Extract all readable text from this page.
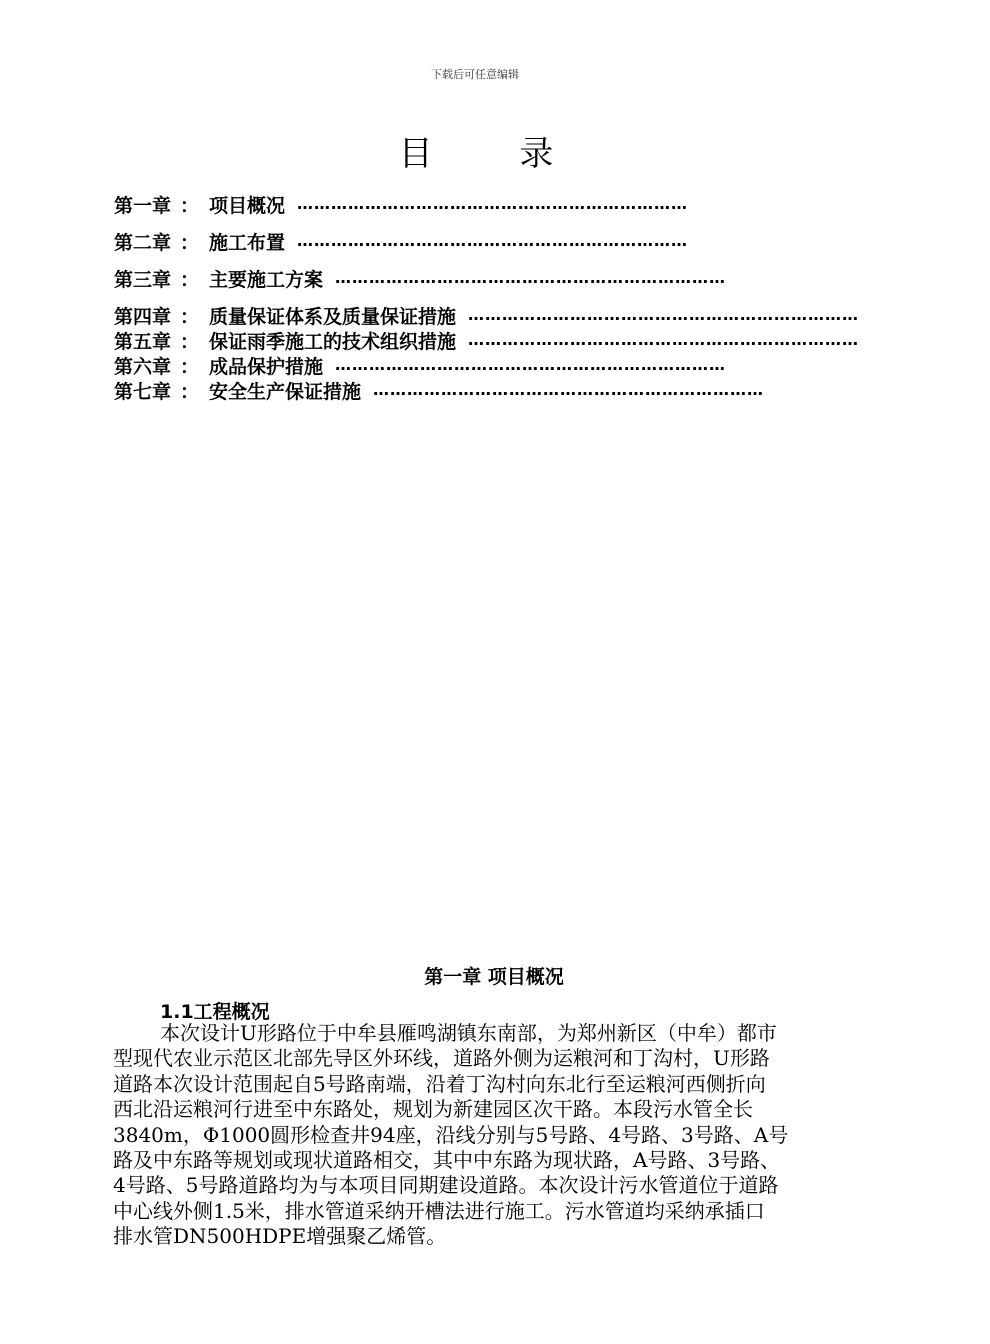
下载后可任意编辑
目 录
第一章 ： 项目概况 ……………………………………………………………
第二章 ： 施工布置 ……………………………………………………………
第三章 ： 主要施工方案 ……………………………………………………………
第四章 ： 质量保证体系及质量保证措施 ……………………………………………………………
第五章 ： 保证雨季施工的技术组织措施 ……………………………………………………………
第六章 ： 成品保护措施 ……………………………………………………………
第七章 ： 安全生产保证措施 ……………………………………………………………
第一章 项目概况
1.1工程概况
本次设计U形路位于中牟县雁鸣湖镇东南部，为郑州新区（中牟）都市
型现代农业示范区北部先导区外环线，道路外侧为运粮河和丁沟村，U形路
道路本次设计范围起自5号路南端，沿着丁沟村向东北行至运粮河西侧折向
西北沿运粮河行进至中东路处，规划为新建园区次干路。本段污水管全长
3840m，Φ1000圆形检查井94座，沿线分别与5号路、4号路、3号路、A号
路及中东路等规划或现状道路相交，其中中东路为现状路，A号路、3号路、
4号路、5号路道路均为与本项目同期建设道路。本次设计污水管道位于道路
中心线外侧1.5米，排水管道采纳开槽法进行施工。污水管道均采纳承插口
排水管DN500HDPE增强聚乙烯管。
